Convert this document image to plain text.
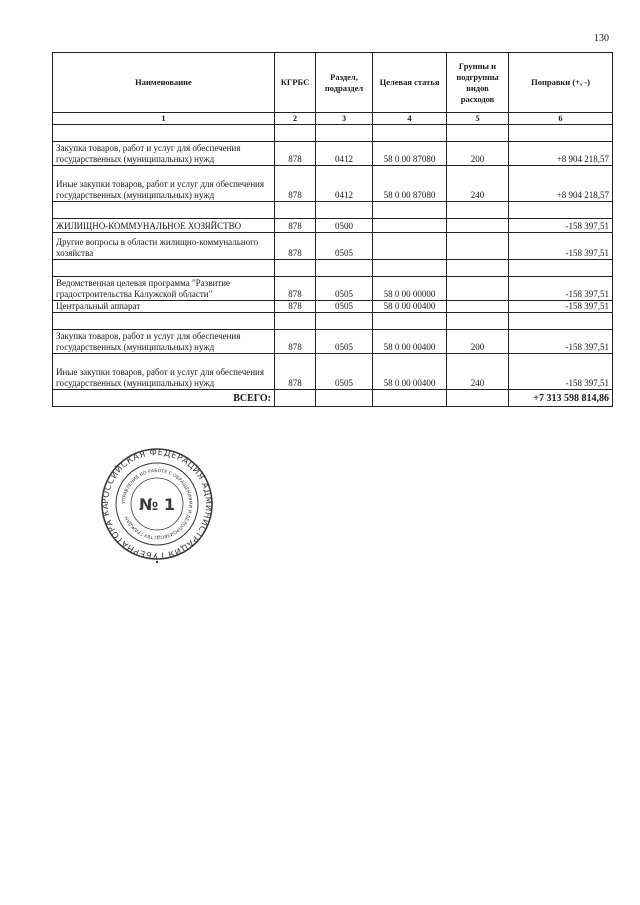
130
Наименование	КГРБС	Раздел, подраздел	Целевая статья	Группы и подгруппы видов расходов	Поправки (+, -)
1	2	3	4	5	6

Закупка товаров, работ и услуг для обеспечения государственных (муниципальных) нужд	878	0412	58 0 00 87080	200	+8 904 218,57
Иные закупки товаров, работ и услуг для обеспечения государственных (муниципальных) нужд	878	0412	58 0 00 87080	240	+8 904 218,57

ЖИЛИЩНО-КОММУНАЛЬНОЕ ХОЗЯЙСТВО	878	0500			-158 397,51
Другие вопросы в области жилищно-коммунального хозяйства	878	0505			-158 397,51

Ведомственная целевая программа "Развитие градостроительства Калужской области"	878	0505	58 0 00 00000		-158 397,51
Центральный аппарат	878	0505	58 0 00 00400		-158 397,51

Закупка товаров, работ и услуг для обеспечения государственных (муниципальных) нужд	878	0505	58 0 00 00400	200	-158 397,51
Иные закупки товаров, работ и услуг для обеспечения государственных (муниципальных) нужд	878	0505	58 0 00 00400	240	-158 397,51
ВСЕГО:					+7 313 598 814,86
РОССИЙСКАЯ ФЕДЕРАЦИЯ АДМИНИСТРАЦИЯ ГУБЕРНАТОРА КА	УПРАВЛЕНИЕ ПО РАБОТЕ С ОБРАЩЕНИЯМИ И ДЕЛОПРОИЗВОДСТВУ ГРАЖДАН
№ 1
